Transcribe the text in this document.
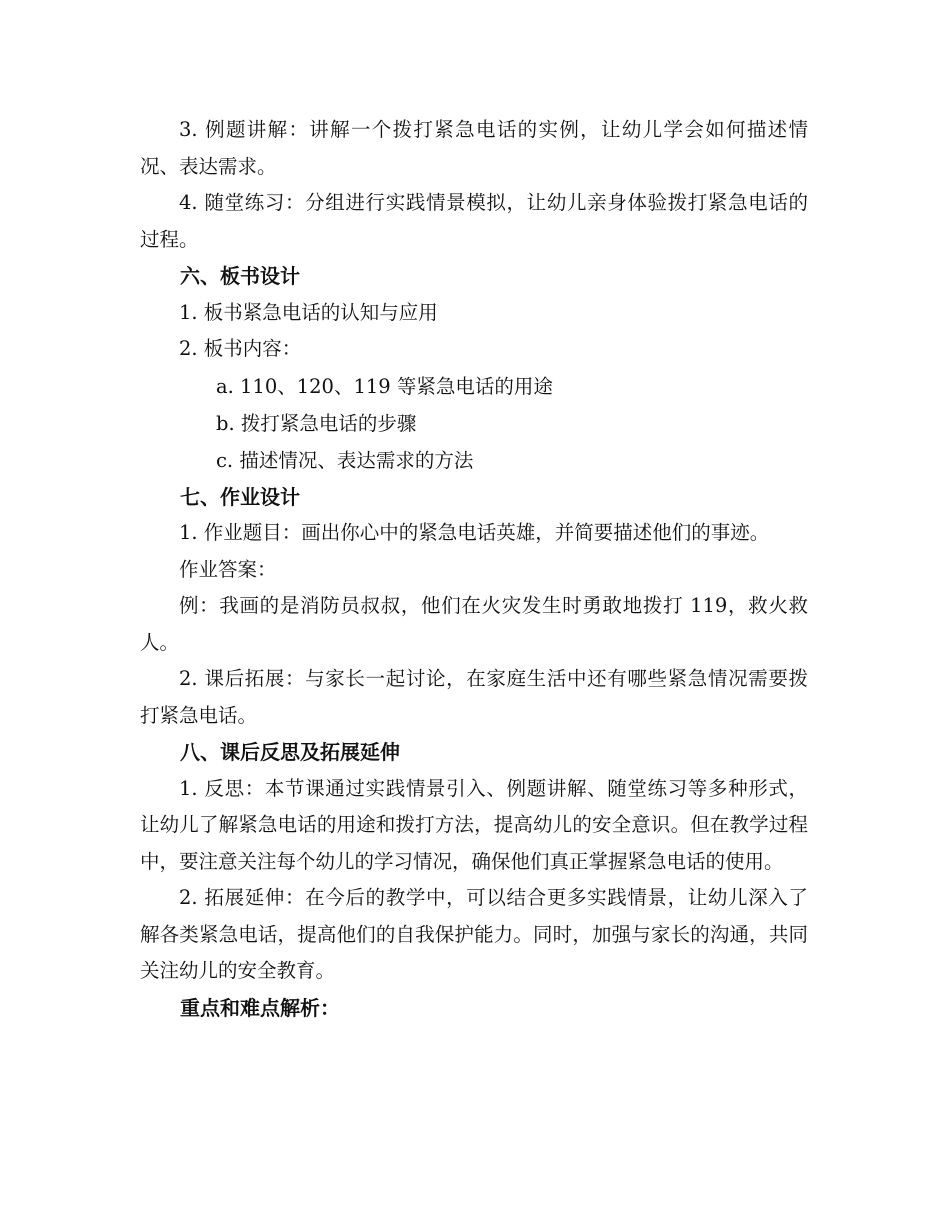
3. 例题讲解：讲解一个拨打紧急电话的实例，让幼儿学会如何描述情况、表达需求。

4. 随堂练习：分组进行实践情景模拟，让幼儿亲身体验拨打紧急电话的过程。

六、板书设计

1. 板书紧急电话的认知与应用

2. 板书内容：

a. 110、120、119 等紧急电话的用途

b. 拨打紧急电话的步骤

c. 描述情况、表达需求的方法

七、作业设计

1. 作业题目：画出你心中的紧急电话英雄，并简要描述他们的事迹。

作业答案：

例：我画的是消防员叔叔，他们在火灾发生时勇敢地拨打 119，救火救人。

2. 课后拓展：与家长一起讨论，在家庭生活中还有哪些紧急情况需要拨打紧急电话。

八、课后反思及拓展延伸

1. 反思：本节课通过实践情景引入、例题讲解、随堂练习等多种形式，让幼儿了解紧急电话的用途和拨打方法，提高幼儿的安全意识。但在教学过程中，要注意关注每个幼儿的学习情况，确保他们真正掌握紧急电话的使用。

2. 拓展延伸：在今后的教学中，可以结合更多实践情景，让幼儿深入了解各类紧急电话，提高他们的自我保护能力。同时，加强与家长的沟通，共同关注幼儿的安全教育。

重点和难点解析：
